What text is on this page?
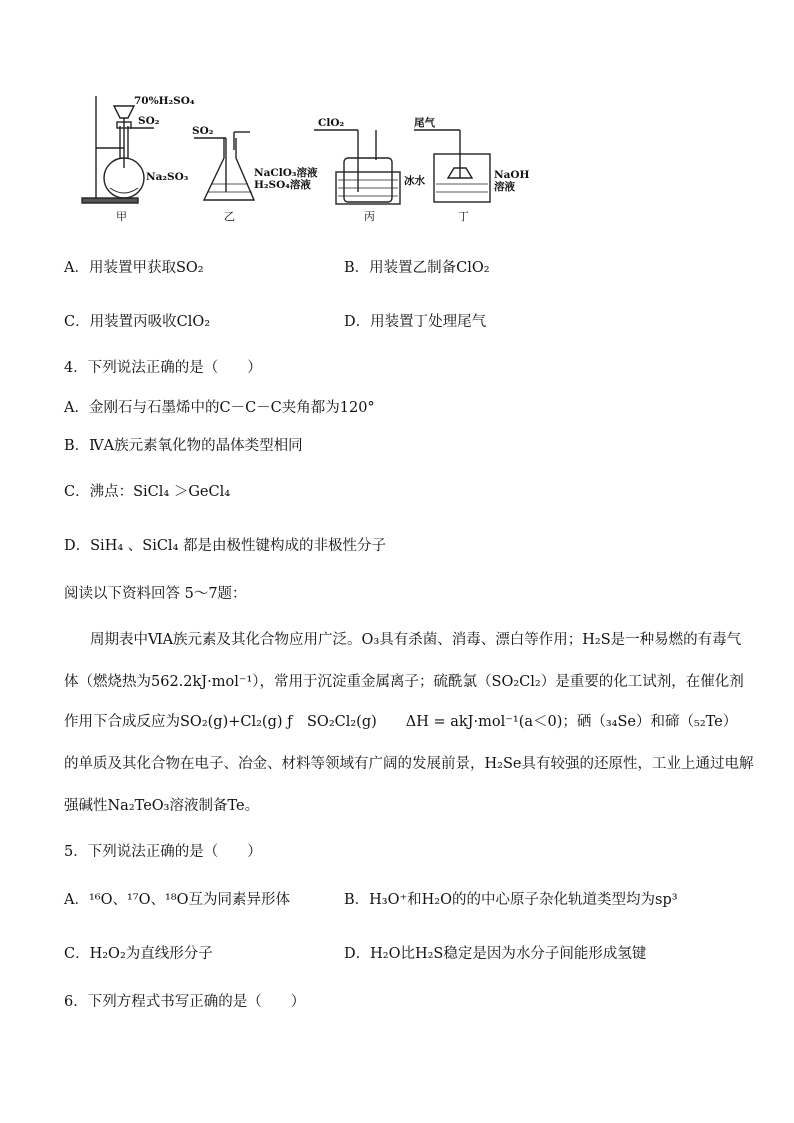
70%H₂SO₄
SO₂
Na₂SO₃
甲
SO₂
NaClO₃溶液
H₂SO₄溶液
乙
ClO₂
冰水
丙
尾气
NaOH
溶液
丁
A．用装置甲获取SO₂	B．用装置乙制备ClO₂
C．用装置丙吸收ClO₂	D．用装置丁处理尾气
4．下列说法正确的是（　　）
A．金刚石与石墨烯中的C－C－C夹角都为120°
B．ⅣA族元素氧化物的晶体类型相同
C．沸点：SiCl₄ ＞GeCl₄
D．SiH₄ 、SiCl₄ 都是由极性键构成的非极性分子
阅读以下资料回答 5～7题：
周期表中ⅥA族元素及其化合物应用广泛。O₃具有杀菌、消毒、漂白等作用；H₂S是一种易燃的有毒气
体（燃烧热为562.2kJ·mol⁻¹），常用于沉淀重金属离子；硫酰氯（SO₂Cl₂）是重要的化工试剂，在催化剂
作用下合成反应为SO₂(g)+Cl₂(g) ƒ　SO₂Cl₂(g)　　ΔH = akJ·mol⁻¹(a＜0)；硒（₃₄Se）和碲（₅₂Te）
的单质及其化合物在电子、冶金、材料等领域有广阔的发展前景，H₂Se具有较强的还原性，工业上通过电解
强碱性Na₂TeO₃溶液制备Te。
5．下列说法正确的是（　　）
A．¹⁶O、¹⁷O、¹⁸O互为同素异形体	B．H₃O⁺和H₂O的的中心原子杂化轨道类型均为sp³
C．H₂O₂为直线形分子	D．H₂O比H₂S稳定是因为水分子间能形成氢键
6．下列方程式书写正确的是（　　）
